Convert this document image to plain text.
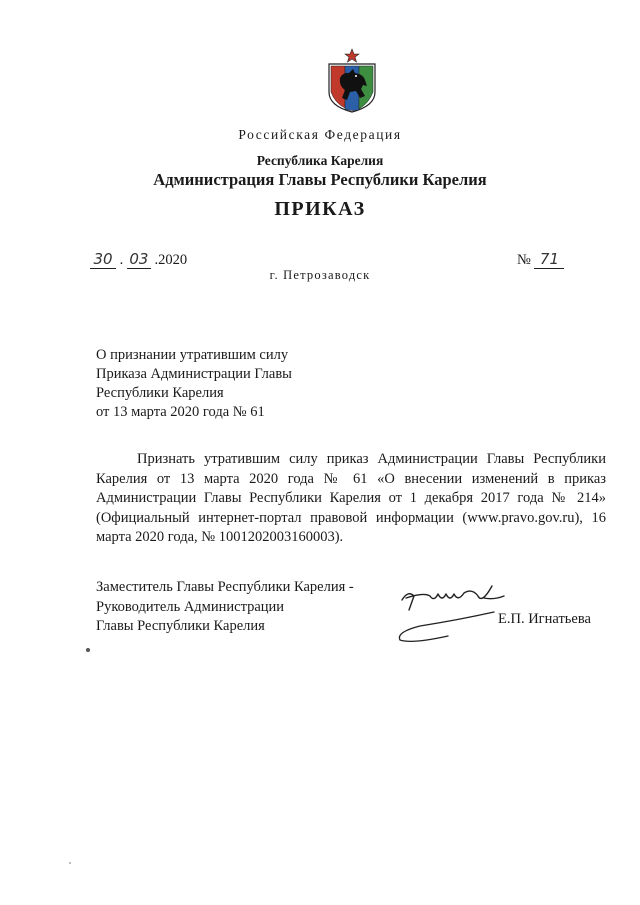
Российская Федерация
Республика Карелия
Администрация Главы Республики Карелия
ПРИКАЗ
30 . 03 .2020	№ 71
г. Петрозаводск
О признании утратившим силу
Приказа Администрации Главы
Республики Карелия
от 13 марта 2020 года № 61

Признать утратившим силу приказ Администрации Главы Республики Карелия от 13 марта 2020 года № 61 «О внесении изменений в приказ Администрации Главы Республики Карелия от 1 декабря 2017 года № 214» (Официальный интернет-портал правовой информации (www.pravo.gov.ru), 16 марта 2020 года, № 1001202003160003).

Заместитель Главы Республики Карелия -
Руководитель Администрации
Главы Республики Карелия	Е.П. Игнатьева
